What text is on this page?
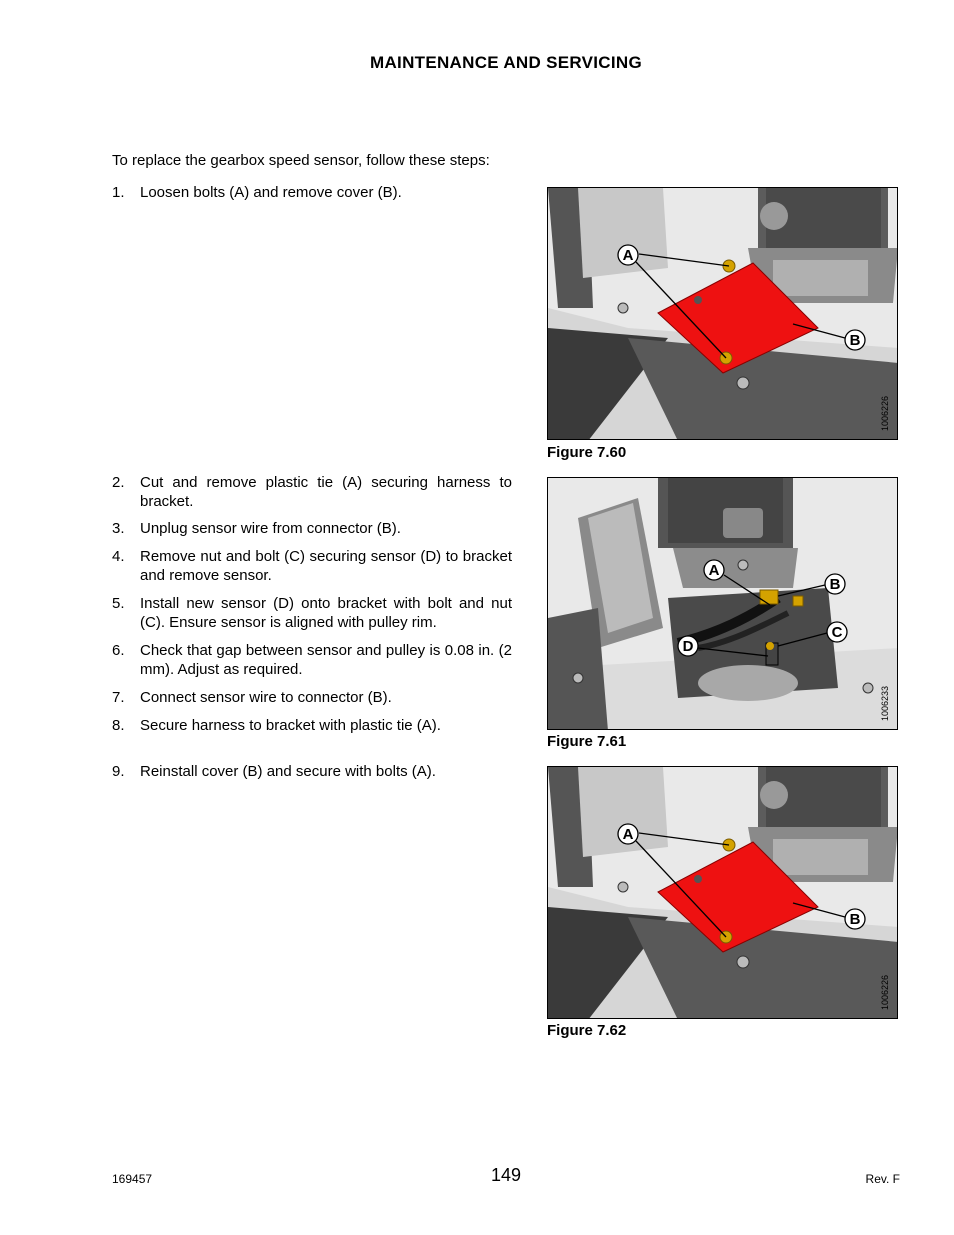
MAINTENANCE AND SERVICING
To replace the gearbox speed sensor, follow these steps:
1. Loosen bolts (A) and remove cover (B).
2. Cut and remove plastic tie (A) securing harness to bracket.
3. Unplug sensor wire from connector (B).
4. Remove nut and bolt (C) securing sensor (D) to bracket and remove sensor.
5. Install new sensor (D) onto bracket with bolt and nut (C). Ensure sensor is aligned with pulley rim.
6. Check that gap between sensor and pulley is 0.08 in. (2 mm). Adjust as required.
7. Connect sensor wire to connector (B).
8. Secure harness to bracket with plastic tie (A).
9. Reinstall cover (B) and secure with bolts (A).
A
B
1006226
Figure 7.60
A
B
C
D
1006233
Figure 7.61
A
B
1006226
Figure 7.62
169457	149	Rev. F
